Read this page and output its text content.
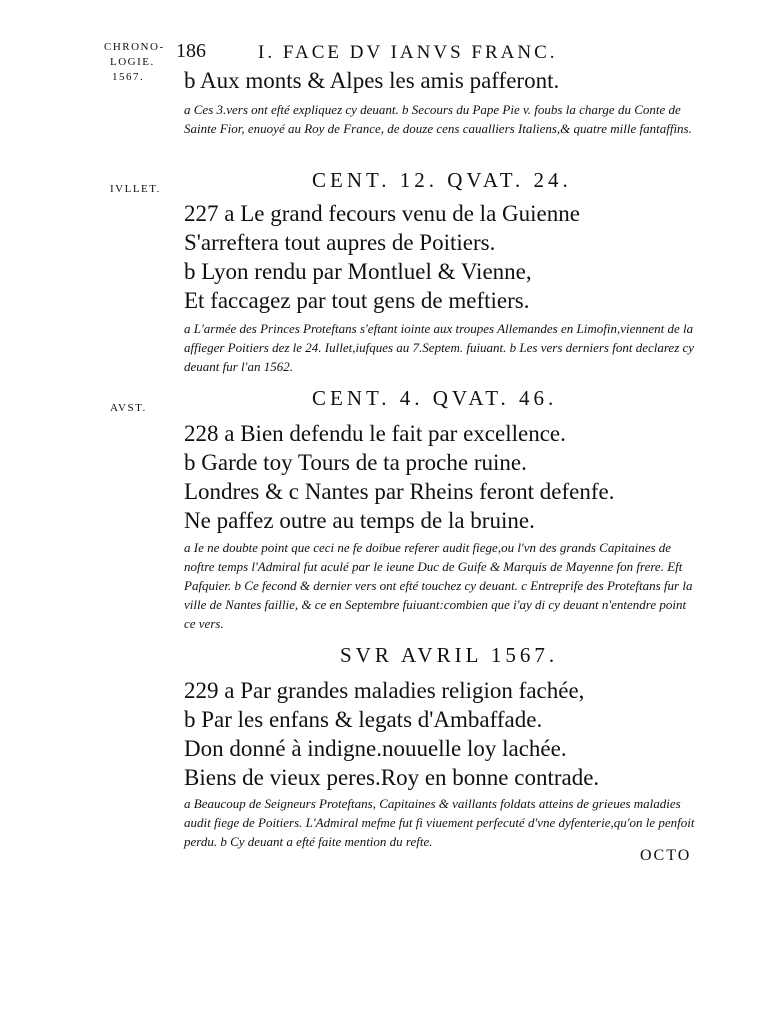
CHRONO-
LOGIE.
1567.
IVLLET.
AVST.
186	I. FACE DV IANVS FRANC.
b Aux monts & Alpes les amis pafferont.
a Ces 3.vers ont efté expliquez cy deuant. b Secours du Pape Pie v. foubs la charge du Conte de Sainte Fior, enuoyé au Roy de France, de douze cens caualliers Italiens,& quatre mille fantaffins.
CENT. 12. QVAT. 24.
227 a Le grand fecours venu de la Guienne
S'arreftera tout aupres de Poitiers.
b Lyon rendu par Montluel & Vienne,
Et faccagez par tout gens de meftiers.
a L'armée des Princes Proteftans s'eftant iointe aux troupes Allemandes en Limofin,viennent de la affieger Poitiers dez le 24. Iullet,iufques au 7.Septem. fuiuant. b Les vers derniers font declarez cy deuant fur l'an 1562.
CENT. 4. QVAT. 46.
228 a Bien defendu le fait par excellence.
b Garde toy Tours de ta proche ruine.
Londres & c Nantes par Rheins feront defenfe.
Ne paffez outre au temps de la bruine.
a Ie ne doubte point que ceci ne fe doibue referer audit fiege,ou l'vn des grands Capitaines de noftre temps l'Admiral fut aculé par le ieune Duc de Guife & Marquis de Mayenne fon frere. Eft Pafquier. b Ce fecond & dernier vers ont efté touchez cy deuant. c Entreprife des Proteftans fur la ville de Nantes faillie, & ce en Septembre fuiuant:combien que i'ay di cy deuant n'entendre point ce vers.
SVR AVRIL 1567.
229 a Par grandes maladies religion fachée,
b Par les enfans & legats d'Ambaffade.
Don donné à indigne.nouuelle loy lachée.
Biens de vieux peres.Roy en bonne contrade.
a Beaucoup de Seigneurs Proteftans, Capitaines & vaillants foldats atteins de grieues maladies audit fiege de Poitiers. L'Admiral mefme fut fi viuement perfecuté d'vne dyfenterie,qu'on le penfoit perdu. b Cy deuant a efté faite mention du refte.
OCTO
